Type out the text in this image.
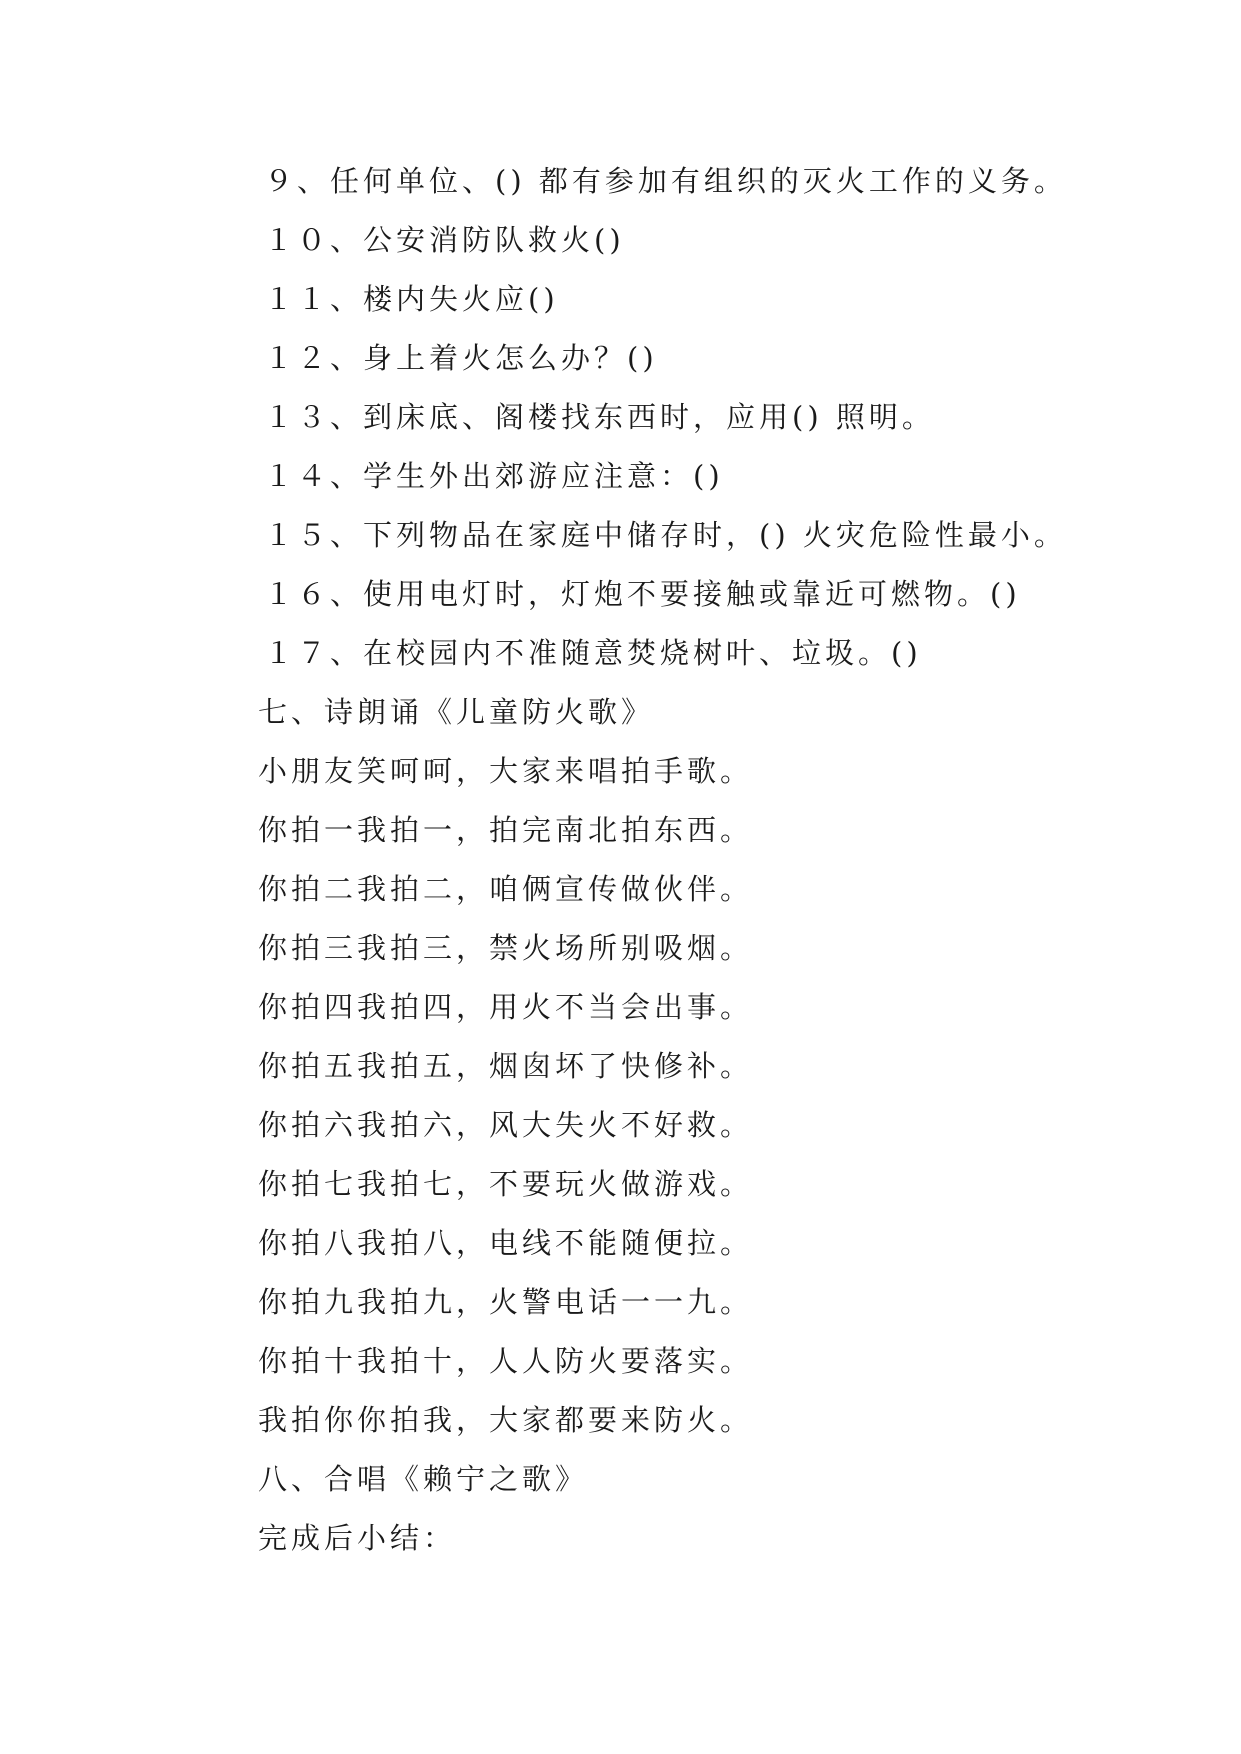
９、任何单位、() 都有参加有组织的灭火工作的义务。
１０、公安消防队救火()
１１、楼内失火应()
１２、身上着火怎么办？()
１３、到床底、阁楼找东西时，应用() 照明。
１４、学生外出郊游应注意：()
１５、下列物品在家庭中储存时，() 火灾危险性最小。
１６、使用电灯时，灯炮不要接触或靠近可燃物。()
１７、在校园内不准随意焚烧树叶、垃圾。()
七、诗朗诵《儿童防火歌》
小朋友笑呵呵，大家来唱拍手歌。
你拍一我拍一，拍完南北拍东西。
你拍二我拍二，咱俩宣传做伙伴。
你拍三我拍三，禁火场所别吸烟。
你拍四我拍四，用火不当会出事。
你拍五我拍五，烟囱坏了快修补。
你拍六我拍六，风大失火不好救。
你拍七我拍七，不要玩火做游戏。
你拍八我拍八，电线不能随便拉。
你拍九我拍九，火警电话一一九。
你拍十我拍十，人人防火要落实。
我拍你你拍我，大家都要来防火。
八、合唱《赖宁之歌》
完成后小结：
